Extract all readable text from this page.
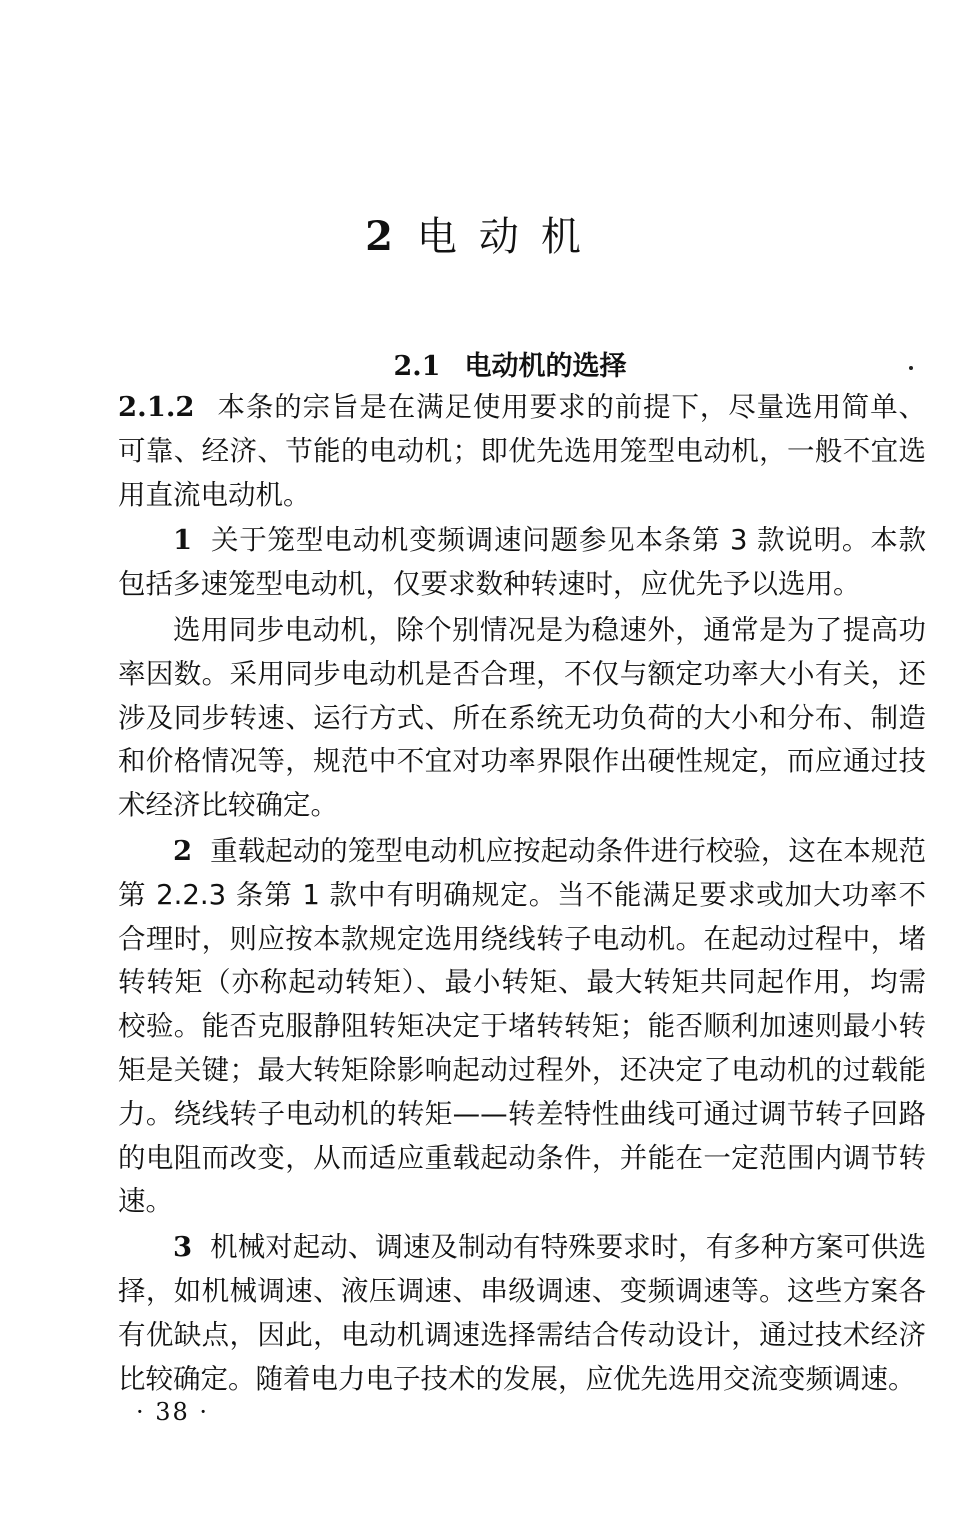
2电动机
2.1 电动机的选择

2.1.2 本条的宗旨是在满足使用要求的前提下，尽量选用简单、可靠、经济、节能的电动机；即优先选用笼型电动机，一般不宜选用直流电动机。

1 关于笼型电动机变频调速问题参见本条第 3 款说明。本款包括多速笼型电动机，仅要求数种转速时，应优先予以选用。

选用同步电动机，除个别情况是为稳速外，通常是为了提高功率因数。采用同步电动机是否合理，不仅与额定功率大小有关，还涉及同步转速、运行方式、所在系统无功负荷的大小和分布、制造和价格情况等，规范中不宜对功率界限作出硬性规定，而应通过技术经济比较确定。

2 重载起动的笼型电动机应按起动条件进行校验，这在本规范第 2.2.3 条第 1 款中有明确规定。当不能满足要求或加大功率不合理时，则应按本款规定选用绕线转子电动机。在起动过程中，堵转转矩（亦称起动转矩）、最小转矩、最大转矩共同起作用，均需校验。能否克服静阻转矩决定于堵转转矩；能否顺利加速则最小转矩是关键；最大转矩除影响起动过程外，还决定了电动机的过载能力。绕线转子电动机的转矩——转差特性曲线可通过调节转子回路的电阻而改变，从而适应重载起动条件，并能在一定范围内调节转速。

3 机械对起动、调速及制动有特殊要求时，有多种方案可供选择，如机械调速、液压调速、串级调速、变频调速等。这些方案各有优缺点，因此，电动机调速选择需结合传动设计，通过技术经济比较确定。随着电力电子技术的发展，应优先选用交流变频调速。

· 38 ·
